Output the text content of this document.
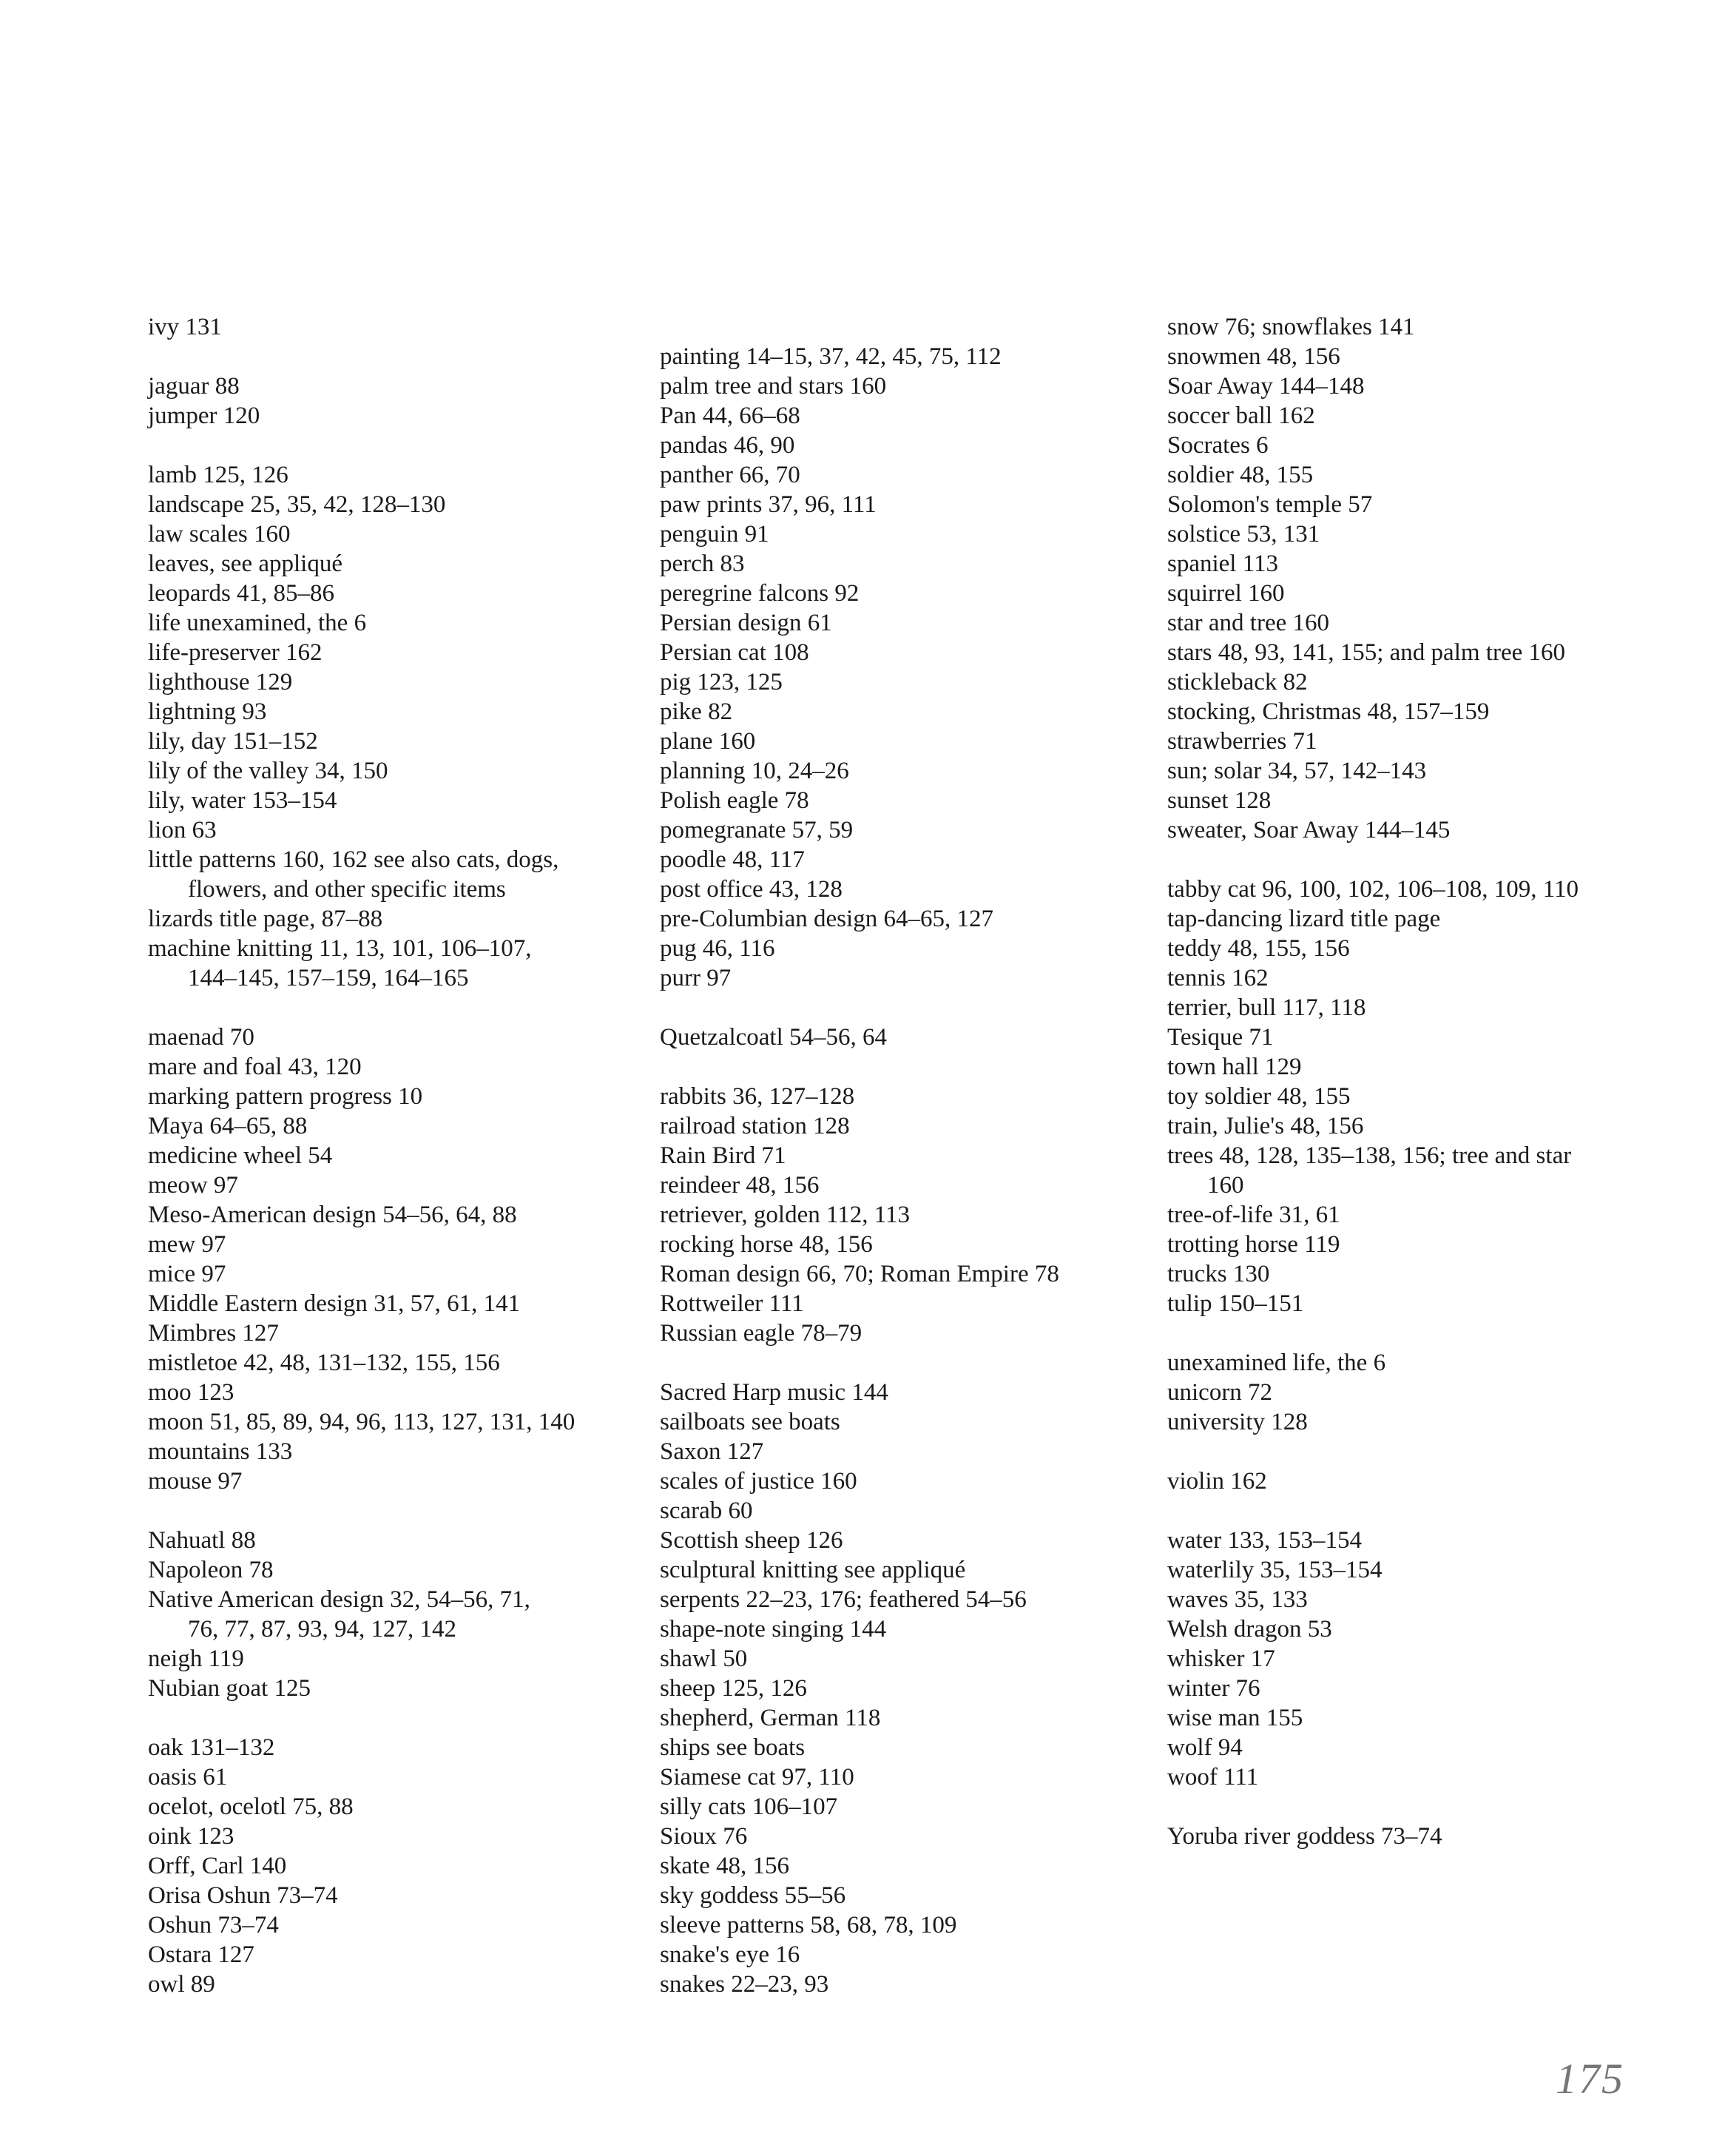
ivy 131
jaguar 88
jumper 120
lamb 125, 126
landscape 25, 35, 42, 128–130
law scales 160
leaves, see appliqué
leopards 41, 85–86
life unexamined, the 6
life-preserver 162
lighthouse 129
lightning 93
lily, day 151–152
lily of the valley 34, 150
lily, water 153–154
lion 63
little patterns 160, 162 see also cats, dogs,
flowers, and other specific items
lizards title page, 87–88
machine knitting 11, 13, 101, 106–107,
144–145, 157–159, 164–165
maenad 70
mare and foal 43, 120
marking pattern progress 10
Maya 64–65, 88
medicine wheel 54
meow 97
Meso-American design 54–56, 64, 88
mew 97
mice 97
Middle Eastern design 31, 57, 61, 141
Mimbres 127
mistletoe 42, 48, 131–132, 155, 156
moo 123
moon 51, 85, 89, 94, 96, 113, 127, 131, 140
mountains 133
mouse 97
Nahuatl 88
Napoleon 78
Native American design 32, 54–56, 71,
76, 77, 87, 93, 94, 127, 142
neigh 119
Nubian goat 125
oak 131–132
oasis 61
ocelot, ocelotl 75, 88
oink 123
Orff, Carl 140
Orisa Oshun 73–74
Oshun 73–74
Ostara 127
owl 89
painting 14–15, 37, 42, 45, 75, 112
palm tree and stars 160
Pan 44, 66–68
pandas 46, 90
panther 66, 70
paw prints 37, 96, 111
penguin 91
perch 83
peregrine falcons 92
Persian design 61
Persian cat 108
pig 123, 125
pike 82
plane 160
planning 10, 24–26
Polish eagle 78
pomegranate 57, 59
poodle 48, 117
post office 43, 128
pre-Columbian design 64–65, 127
pug 46, 116
purr 97
Quetzalcoatl 54–56, 64
rabbits 36, 127–128
railroad station 128
Rain Bird 71
reindeer 48, 156
retriever, golden 112, 113
rocking horse 48, 156
Roman design 66, 70; Roman Empire 78
Rottweiler 111
Russian eagle 78–79
Sacred Harp music 144
sailboats see boats
Saxon 127
scales of justice 160
scarab 60
Scottish sheep 126
sculptural knitting see appliqué
serpents 22–23, 176; feathered 54–56
shape-note singing 144
shawl 50
sheep 125, 126
shepherd, German 118
ships see boats
Siamese cat 97, 110
silly cats 106–107
Sioux 76
skate 48, 156
sky goddess 55–56
sleeve patterns 58, 68, 78, 109
snake's eye 16
snakes 22–23, 93
snow 76; snowflakes 141
snowmen 48, 156
Soar Away 144–148
soccer ball 162
Socrates 6
soldier 48, 155
Solomon's temple 57
solstice 53, 131
spaniel 113
squirrel 160
star and tree 160
stars 48, 93, 141, 155; and palm tree 160
stickleback 82
stocking, Christmas 48, 157–159
strawberries 71
sun; solar 34, 57, 142–143
sunset 128
sweater, Soar Away 144–145
tabby cat 96, 100, 102, 106–108, 109, 110
tap-dancing lizard title page
teddy 48, 155, 156
tennis 162
terrier, bull 117, 118
Tesique 71
town hall 129
toy soldier 48, 155
train, Julie's 48, 156
trees 48, 128, 135–138, 156; tree and star
160
tree-of-life 31, 61
trotting horse 119
trucks 130
tulip 150–151
unexamined life, the 6
unicorn 72
university 128
violin 162
water 133, 153–154
waterlily 35, 153–154
waves 35, 133
Welsh dragon 53
whisker 17
winter 76
wise man 155
wolf 94
woof 111
Yoruba river goddess 73–74
175
